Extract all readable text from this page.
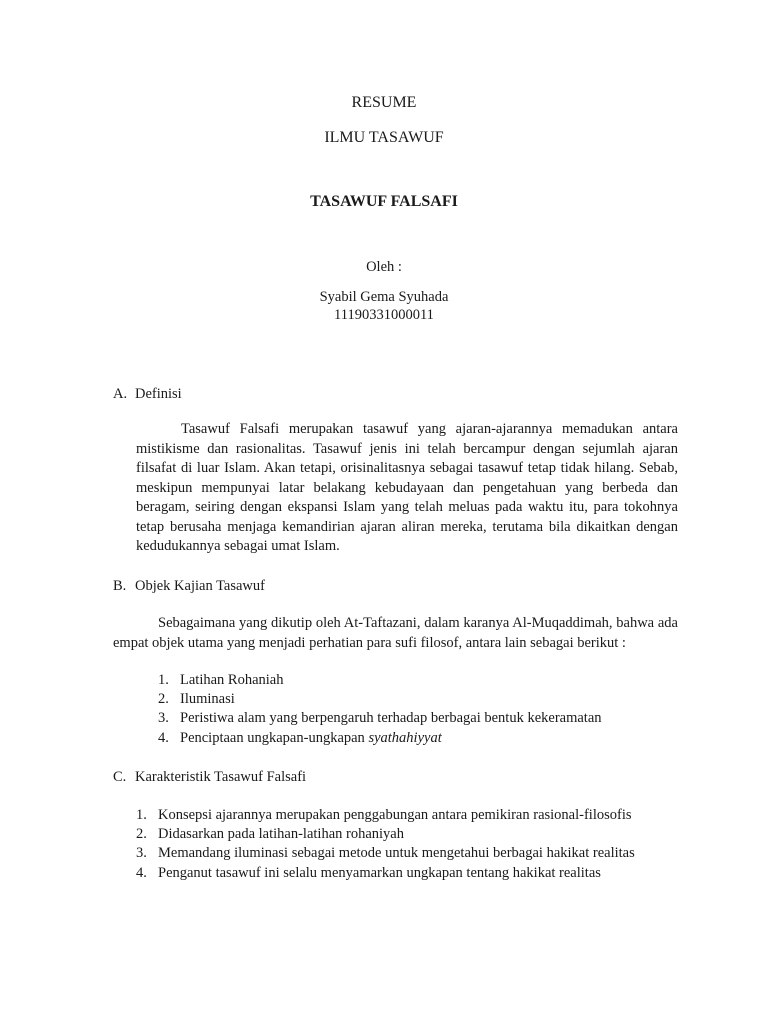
RESUME
ILMU TASAWUF
TASAWUF FALSAFI
Oleh :
Syabil Gema Syuhada
11190331000011
A. Definisi
Tasawuf Falsafi merupakan tasawuf yang ajaran-ajarannya memadukan antara mistikisme dan rasionalitas. Tasawuf jenis ini telah bercampur dengan sejumlah ajaran filsafat di luar Islam. Akan tetapi, orisinalitasnya sebagai tasawuf tetap tidak hilang. Sebab, meskipun mempunyai latar belakang kebudayaan dan pengetahuan yang berbeda dan beragam, seiring dengan ekspansi Islam yang telah meluas pada waktu itu, para tokohnya tetap berusaha menjaga kemandirian ajaran aliran mereka, terutama bila dikaitkan dengan kedudukannya sebagai umat Islam.
B. Objek Kajian Tasawuf
Sebagaimana yang dikutip oleh At-Taftazani, dalam karanya Al-Muqaddimah, bahwa ada empat objek utama yang menjadi perhatian para sufi filosof, antara lain sebagai berikut :
1. Latihan Rohaniah
2. Iluminasi
3. Peristiwa alam yang berpengaruh terhadap berbagai bentuk kekeramatan
4. Penciptaan ungkapan-ungkapan syathahiyyat
C. Karakteristik Tasawuf Falsafi
1. Konsepsi ajarannya merupakan penggabungan antara pemikiran rasional-filosofis
2. Didasarkan pada latihan-latihan rohaniyah
3. Memandang iluminasi sebagai metode untuk mengetahui berbagai hakikat realitas
4. Penganut tasawuf ini selalu menyamarkan ungkapan tentang hakikat realitas
